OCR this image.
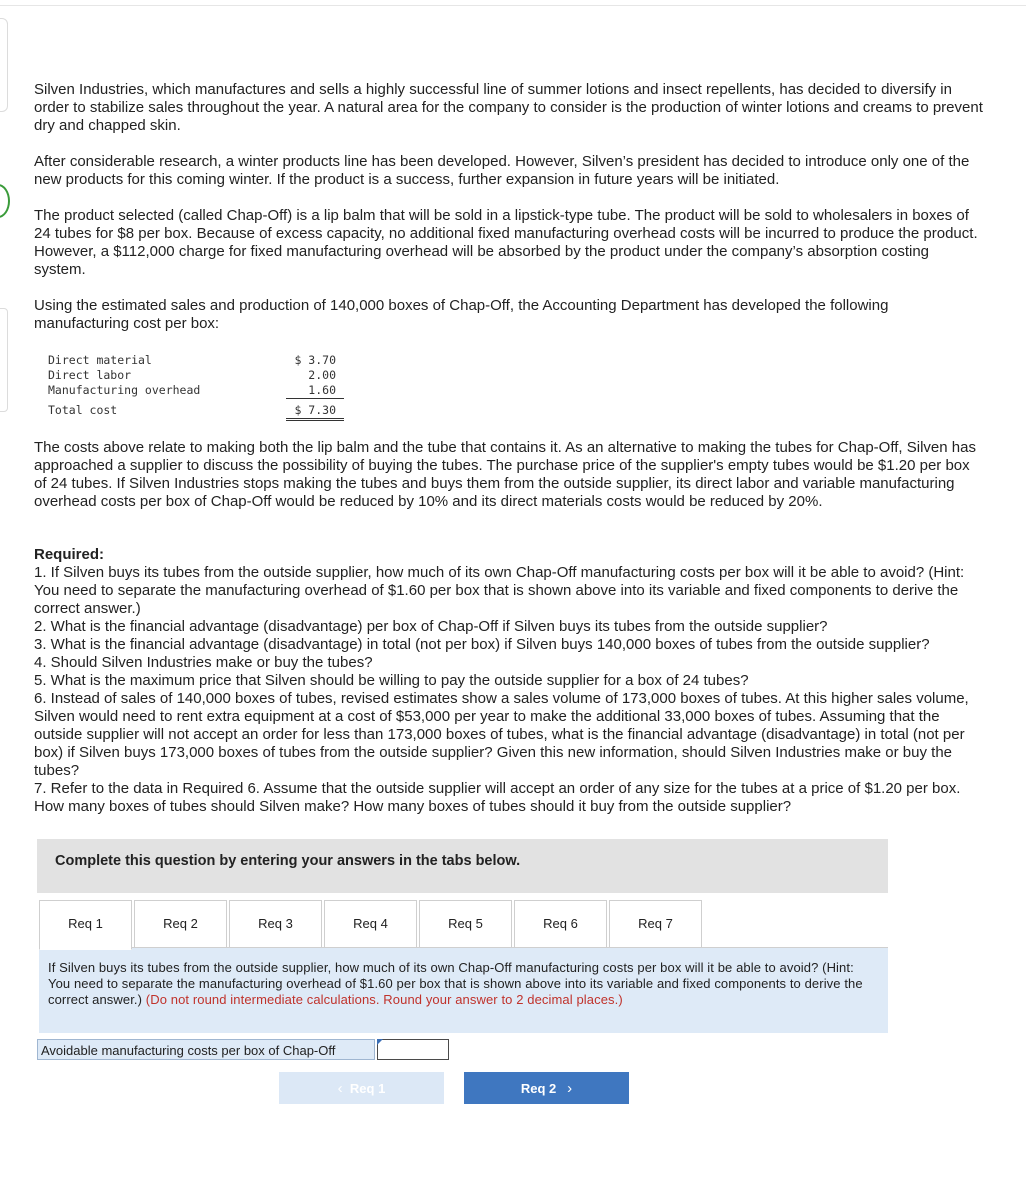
Silven Industries, which manufactures and sells a highly successful line of summer lotions and insect repellents, has decided to diversify in order to stabilize sales throughout the year. A natural area for the company to consider is the production of winter lotions and creams to prevent dry and chapped skin.

After considerable research, a winter products line has been developed. However, Silven’s president has decided to introduce only one of the new products for this coming winter. If the product is a success, further expansion in future years will be initiated.

The product selected (called Chap-Off) is a lip balm that will be sold in a lipstick-type tube. The product will be sold to wholesalers in boxes of 24 tubes for $8 per box. Because of excess capacity, no additional fixed manufacturing overhead costs will be incurred to produce the product. However, a $112,000 charge for fixed manufacturing overhead will be absorbed by the product under the company’s absorption costing system.

Using the estimated sales and production of 140,000 boxes of Chap-Off, the Accounting Department has developed the following manufacturing cost per box:

Direct material	$ 3.70
Direct labor	2.00
Manufacturing overhead	1.60
Total cost	$ 7.30

The costs above relate to making both the lip balm and the tube that contains it. As an alternative to making the tubes for Chap-Off, Silven has approached a supplier to discuss the possibility of buying the tubes. The purchase price of the supplier's empty tubes would be $1.20 per box of 24 tubes. If Silven Industries stops making the tubes and buys them from the outside supplier, its direct labor and variable manufacturing overhead costs per box of Chap-Off would be reduced by 10% and its direct materials costs would be reduced by 20%.

Required:
1. If Silven buys its tubes from the outside supplier, how much of its own Chap-Off manufacturing costs per box will it be able to avoid? (Hint: You need to separate the manufacturing overhead of $1.60 per box that is shown above into its variable and fixed components to derive the correct answer.)
2. What is the financial advantage (disadvantage) per box of Chap-Off if Silven buys its tubes from the outside supplier?
3. What is the financial advantage (disadvantage) in total (not per box) if Silven buys 140,000 boxes of tubes from the outside supplier?
4. Should Silven Industries make or buy the tubes?
5. What is the maximum price that Silven should be willing to pay the outside supplier for a box of 24 tubes?
6. Instead of sales of 140,000 boxes of tubes, revised estimates show a sales volume of 173,000 boxes of tubes. At this higher sales volume, Silven would need to rent extra equipment at a cost of $53,000 per year to make the additional 33,000 boxes of tubes. Assuming that the outside supplier will not accept an order for less than 173,000 boxes of tubes, what is the financial advantage (disadvantage) in total (not per box) if Silven buys 173,000 boxes of tubes from the outside supplier? Given this new information, should Silven Industries make or buy the tubes?
7. Refer to the data in Required 6. Assume that the outside supplier will accept an order of any size for the tubes at a price of $1.20 per box. How many boxes of tubes should Silven make? How many boxes of tubes should it buy from the outside supplier?
Complete this question by entering your answers in the tabs below.
Req 1	Req 2	Req 3	Req 4	Req 5	Req 6	Req 7

If Silven buys its tubes from the outside supplier, how much of its own Chap-Off manufacturing costs per box will it be able to avoid? (Hint: You need to separate the manufacturing overhead of $1.60 per box that is shown above into its variable and fixed components to derive the correct answer.) (Do not round intermediate calculations. Round your answer to 2 decimal places.)

Avoidable manufacturing costs per box of Chap-Off
‹ Req 1	Req 2 ›
